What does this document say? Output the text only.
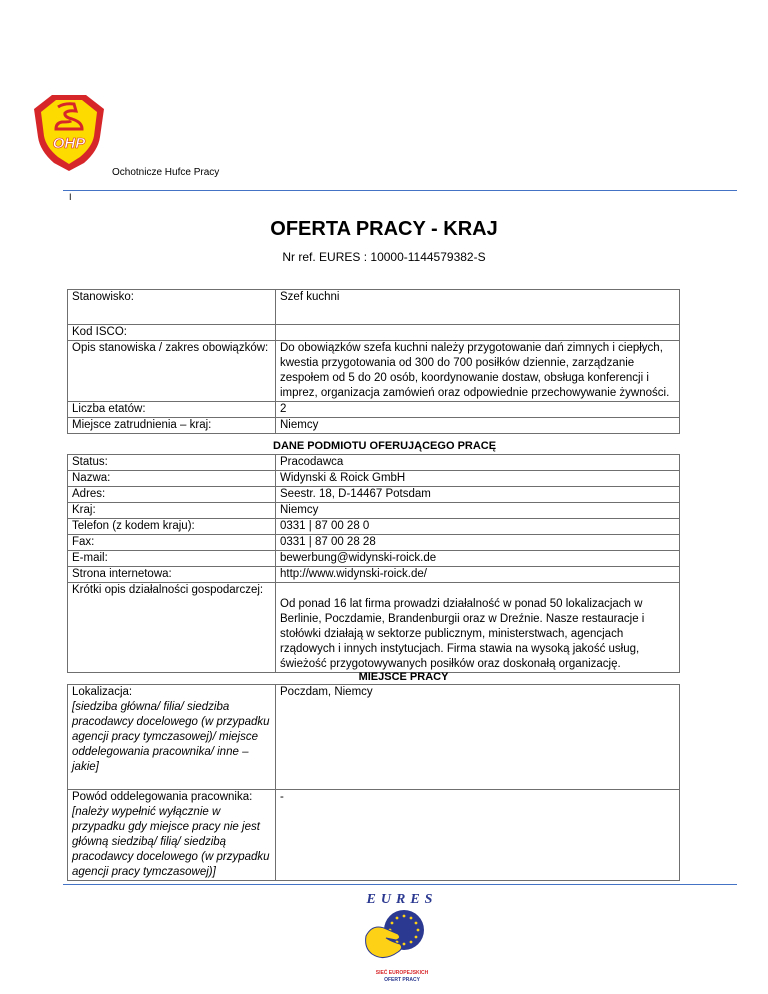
OHP
Ochotnicze Hufce Pracy
I
OFERTA PRACY - KRAJ
Nr ref. EURES : 10000-1144579382-S
Stanowisko:	Szef kuchni
Kod ISCO:	
Opis stanowiska / zakres obowiązków:	Do obowiązków szefa kuchni należy przygotowanie dań zimnych i ciepłych, kwestia przygotowania od 300 do 700 posiłków dziennie, zarządzanie zespołem od 5 do 20 osób, koordynowanie dostaw, obsługa konferencji i imprez, organizacja zamówień oraz odpowiednie przechowywanie żywności.
Liczba etatów:	2
Miejsce zatrudnienia – kraj:	Niemcy
DANE PODMIOTU OFERUJĄCEGO PRACĘ
Status:	Pracodawca
Nazwa:	Widynski & Roick GmbH
Adres:	Seestr. 18, D-14467 Potsdam
Kraj:	Niemcy
Telefon (z kodem kraju):	0331 | 87 00 28 0
Fax:	0331 | 87 00 28 28
E-mail:	bewerbung@widynski-roick.de
Strona internetowa:	http://www.widynski-roick.de/
Krótki opis działalności gospodarczej:	Od ponad 16 lat firma prowadzi działalność w ponad 50 lokalizacjach w Berlinie, Poczdamie, Brandenburgii oraz w Dreźnie. Nasze restauracje i stołówki działają w sektorze publicznym, ministerstwach, agencjach rządowych i innych instytucjach. Firma stawia na wysoką jakość usług, świeżość przygotowywanych posiłków oraz doskonałą organizację.
MIEJSCE PRACY
Lokalizacja:
[siedziba główna/ filia/ siedziba pracodawcy docelowego (w przypadku agencji pracy tymczasowej)/ miejsce oddelegowania pracownika/ inne – jakie]	Poczdam, Niemcy

Powód oddelegowania pracownika:
[należy wypełnić wyłącznie w przypadku gdy miejsce pracy nie jest główną siedzibą/ filią/ siedzibą pracodawcy docelowego (w przypadku agencji pracy tymczasowej)]	-
EURES
SIEĆ EUROPEJSKICH
OFERT PRACY
